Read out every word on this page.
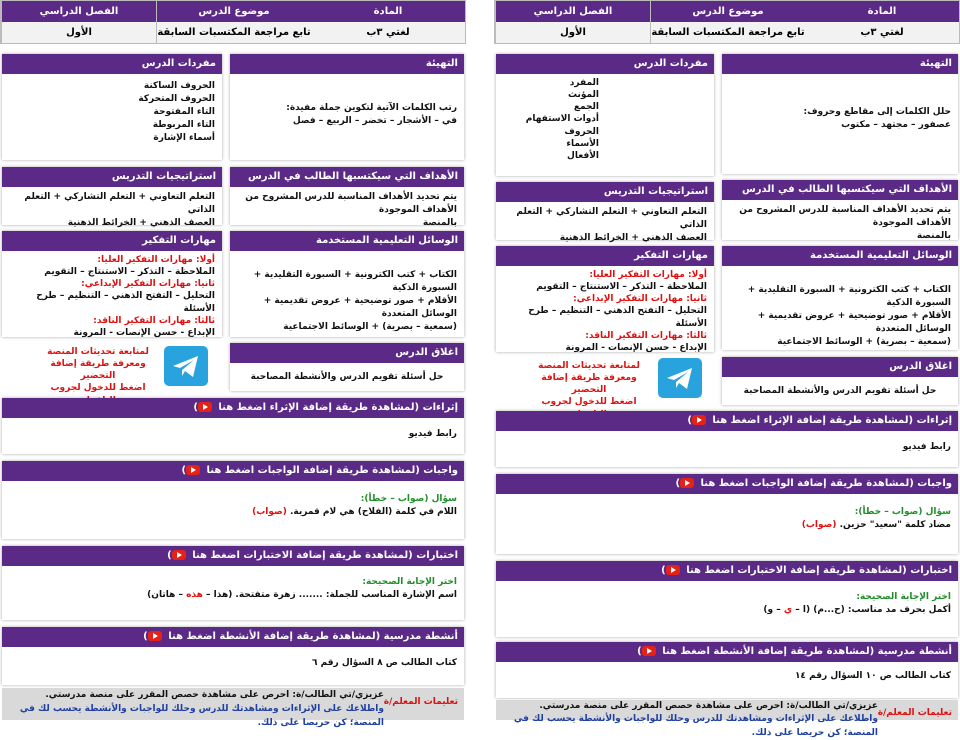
الفصل الدراسي
الأول
موضوع الدرس
تابع مراجعة المكتسبات السابقة
المادة
لغتي ٣ب
مفردات الدرس
الحروف الساكنة
الحروف المتحركة
التاء المفتوحة
التاء المربوطة
أسماء الإشارة
التهيئة
رتب الكلمات الآتية لتكوين جملة مفيدة:
في – الأشجار – تخضر – الربيع – فصل
استراتيجيات التدريس
التعلم التعاوني + التعلم التشاركي + التعلم الذاتي
العصف الذهني + الخرائط الذهنية
الأهداف التي سيكتسبها الطالب في الدرس
يتم تحديد الأهداف المناسبة للدرس المشروح من الأهداف الموجودة
بالمنصة
مهارات التفكير
أولا: مهارات التفكير العليا:
الملاحظة – التذكر – الاستنتاج – التقويم
ثانيا: مهارات التفكير الإبداعي:
التحليل – التفتح الذهني – التنظيم – طرح الأسئلة
ثالثا: مهارات التفكير الناقد:
الإبداع - حسن الإنصات - المرونة
الوسائل التعليمية المستخدمة
الكتاب + كتب الكترونية + السبورة التقليدية + السبورة الذكية
الأقلام + صور توضيحية + عروض تقديمية + الوسائل المتعددة
(سمعية – بصرية) + الوسائط الاجتماعية
لمتابعة تحديثات المنصة
ومعرفة طريقة إضافة التحضير
اضغط للدخول لجروب
اغلاق الدرس
حل أسئلة تقويم الدرس والأنشطة المصاحبة
إثراءات (لمشاهدة طريقة إضافة الإثراء اضغط هنا )
رابط فيديو
واجبات (لمشاهدة طريقة إضافة الواجبات اضغط هنا )
سؤال (صواب – خطأ):
اللام في كلمة (الفلاح) هي لام قمرية. (صواب)
اختبارات (لمشاهدة طريقة إضافة الاختبارات اضغط هنا )
اختر الإجابة الصحيحة:
اسم الإشارة المناسب للجملة: ....... زهرة متفتحة. (هذا – هذه – هاتان)
أنشطة مدرسية (لمشاهدة طريقة إضافة الأنشطة اضغط هنا )
كتاب الطالب ص ٨ السؤال رقم ٦
تعليمات المعلم/ة
عزيزي/تي الطالب/ة: احرص على مشاهدة حصص المقرر على منصة مدرستي.
واطلاعك على الإثراءات ومشاهدتك للدرس وحلك للواجبات والأنشطة يحسب لك في المنصة؛ كن حريصا على ذلك.
الفصل الدراسي
الأول
موضوع الدرس
تابع مراجعة المكتسبات السابقة
المادة
لغتي ٣ب
مفردات الدرس
المفرد
المؤنث
الجمع
أدوات الاستفهام
الحروف
الأسماء
الأفعال
التهيئة
حلل الكلمات إلى مقاطع وحروف:
عصفور – مجتهد – مكتوب
استراتيجيات التدريس
التعلم التعاوني + التعلم التشاركي + التعلم الذاتي
العصف الذهني + الخرائط الذهنية
الأهداف التي سيكتسبها الطالب في الدرس
يتم تحديد الأهداف المناسبة للدرس المشروح من الأهداف الموجودة
بالمنصة
مهارات التفكير
أولا: مهارات التفكير العليا:
الملاحظة – التذكر – الاستنتاج – التقويم
ثانيا: مهارات التفكير الإبداعي:
التحليل – التفتح الذهني – التنظيم – طرح الأسئلة
ثالثا: مهارات التفكير الناقد:
الإبداع - حسن الإنصات - المرونة
الوسائل التعليمية المستخدمة
الكتاب + كتب الكترونية + السبورة التقليدية + السبورة الذكية
الأقلام + صور توضيحية + عروض تقديمية + الوسائل المتعددة
(سمعية – بصرية) + الوسائط الاجتماعية
لمتابعة تحديثات المنصة
ومعرفة طريقة إضافة التحضير
اضغط للدخول لجروب
اغلاق الدرس
حل أسئلة تقويم الدرس والأنشطة المصاحبة
إثراءات (لمشاهدة طريقة إضافة الإثراء اضغط هنا )
رابط فيديو
واجبات (لمشاهدة طريقة إضافة الواجبات اضغط هنا )
سؤال (صواب – خطأ):
مضاد كلمة "سعيد" حزين. (صواب)
اختبارات (لمشاهدة طريقة إضافة الاختبارات اضغط هنا )
اختر الإجابة الصحيحة:
أكمل بحرف مد مناسب: (ح...م) (ا – ي – و)
أنشطة مدرسية (لمشاهدة طريقة إضافة الأنشطة اضغط هنا )
كتاب الطالب ص ١٠ السؤال رقم ١٤
تعليمات المعلم/ة
عزيزي/تي الطالب/ة: احرص على مشاهدة حصص المقرر على منصة مدرستي.
واطلاعك على الإثراءات ومشاهدتك للدرس وحلك للواجبات والأنشطة يحسب لك في المنصة؛ كن حريصا على ذلك.
